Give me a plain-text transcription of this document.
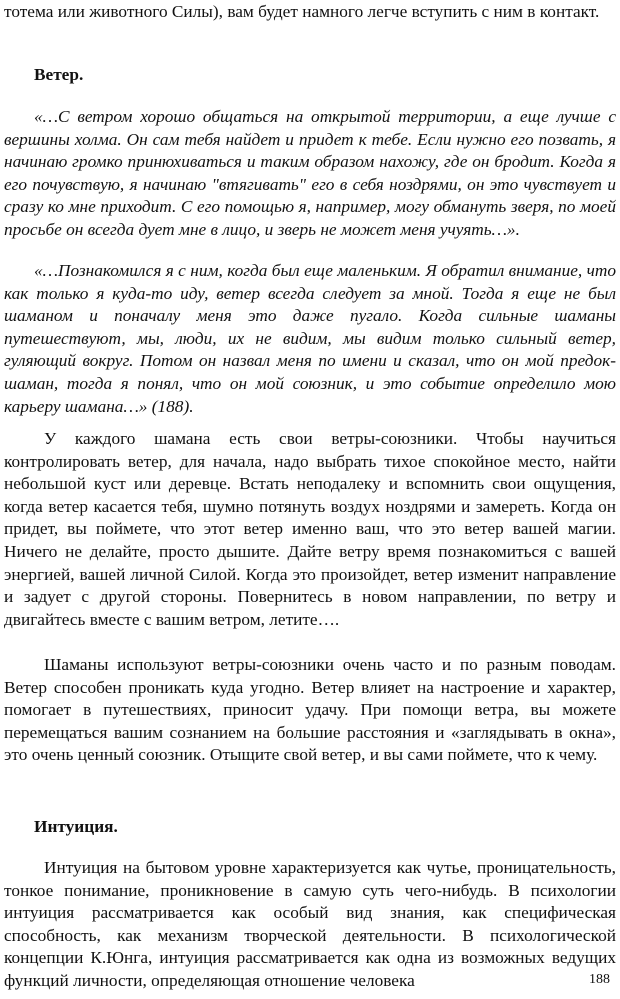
тотема или животного Силы), вам будет намного легче вступить с ним в контакт.

Ветер.

«…С ветром хорошо общаться на открытой территории, а еще лучше с вершины холма. Он сам тебя найдет и придет к тебе. Если нужно его позвать, я начинаю громко принюхиваться и таким образом нахожу, где он бродит. Когда я его почувствую, я начинаю "втягивать" его в себя ноздрями, он это чувствует и сразу ко мне приходит. С его помощью я, например, могу обмануть зверя, по моей просьбе он всегда дует мне в лицо, и зверь не может меня учуять…».

«…Познакомился я с ним, когда был еще маленьким. Я обратил внимание, что как только я куда-то иду, ветер всегда следует за мной. Тогда я еще не был шаманом и поначалу меня это даже пугало. Когда сильные шаманы путешествуют, мы, люди, их не видим, мы видим только сильный ветер, гуляющий вокруг. Потом он назвал меня по имени и сказал, что он мой предок-шаман, тогда я понял, что он мой союзник, и это событие определило мою карьеру шамана…» (188).

У каждого шамана есть свои ветры-союзники. Чтобы научиться контролировать ветер, для начала, надо выбрать тихое спокойное место, найти небольшой куст или деревце. Встать неподалеку и вспомнить свои ощущения, когда ветер касается тебя, шумно потянуть воздух ноздрями и замереть. Когда он придет, вы поймете, что этот ветер именно ваш, что это ветер вашей магии. Ничего не делайте, просто дышите. Дайте ветру время познакомиться с вашей энергией, вашей личной Силой. Когда это произойдет, ветер изменит направление и задует с другой стороны. Повернитесь в новом направлении, по ветру и двигайтесь вместе с вашим ветром, летите….

Шаманы используют ветры-союзники очень часто и по разным поводам. Ветер способен проникать куда угодно. Ветер влияет на настроение и характер, помогает в путешествиях, приносит удачу. При помощи ветра, вы можете перемещаться вашим сознанием на большие расстояния и «заглядывать в окна», это очень ценный союзник. Отыщите свой ветер, и вы сами поймете, что к чему.

Интуиция.

Интуиция на бытовом уровне характеризуется как чутье, проницательность, тонкое понимание, проникновение в самую суть чего-нибудь. В психологии интуиция рассматривается как особый вид знания, как специфическая способность, как механизм творческой деятельности. В психологической концепции К.Юнга, интуиция рассматривается как одна из возможных ведущих функций личности, определяющая отношение человека	188
